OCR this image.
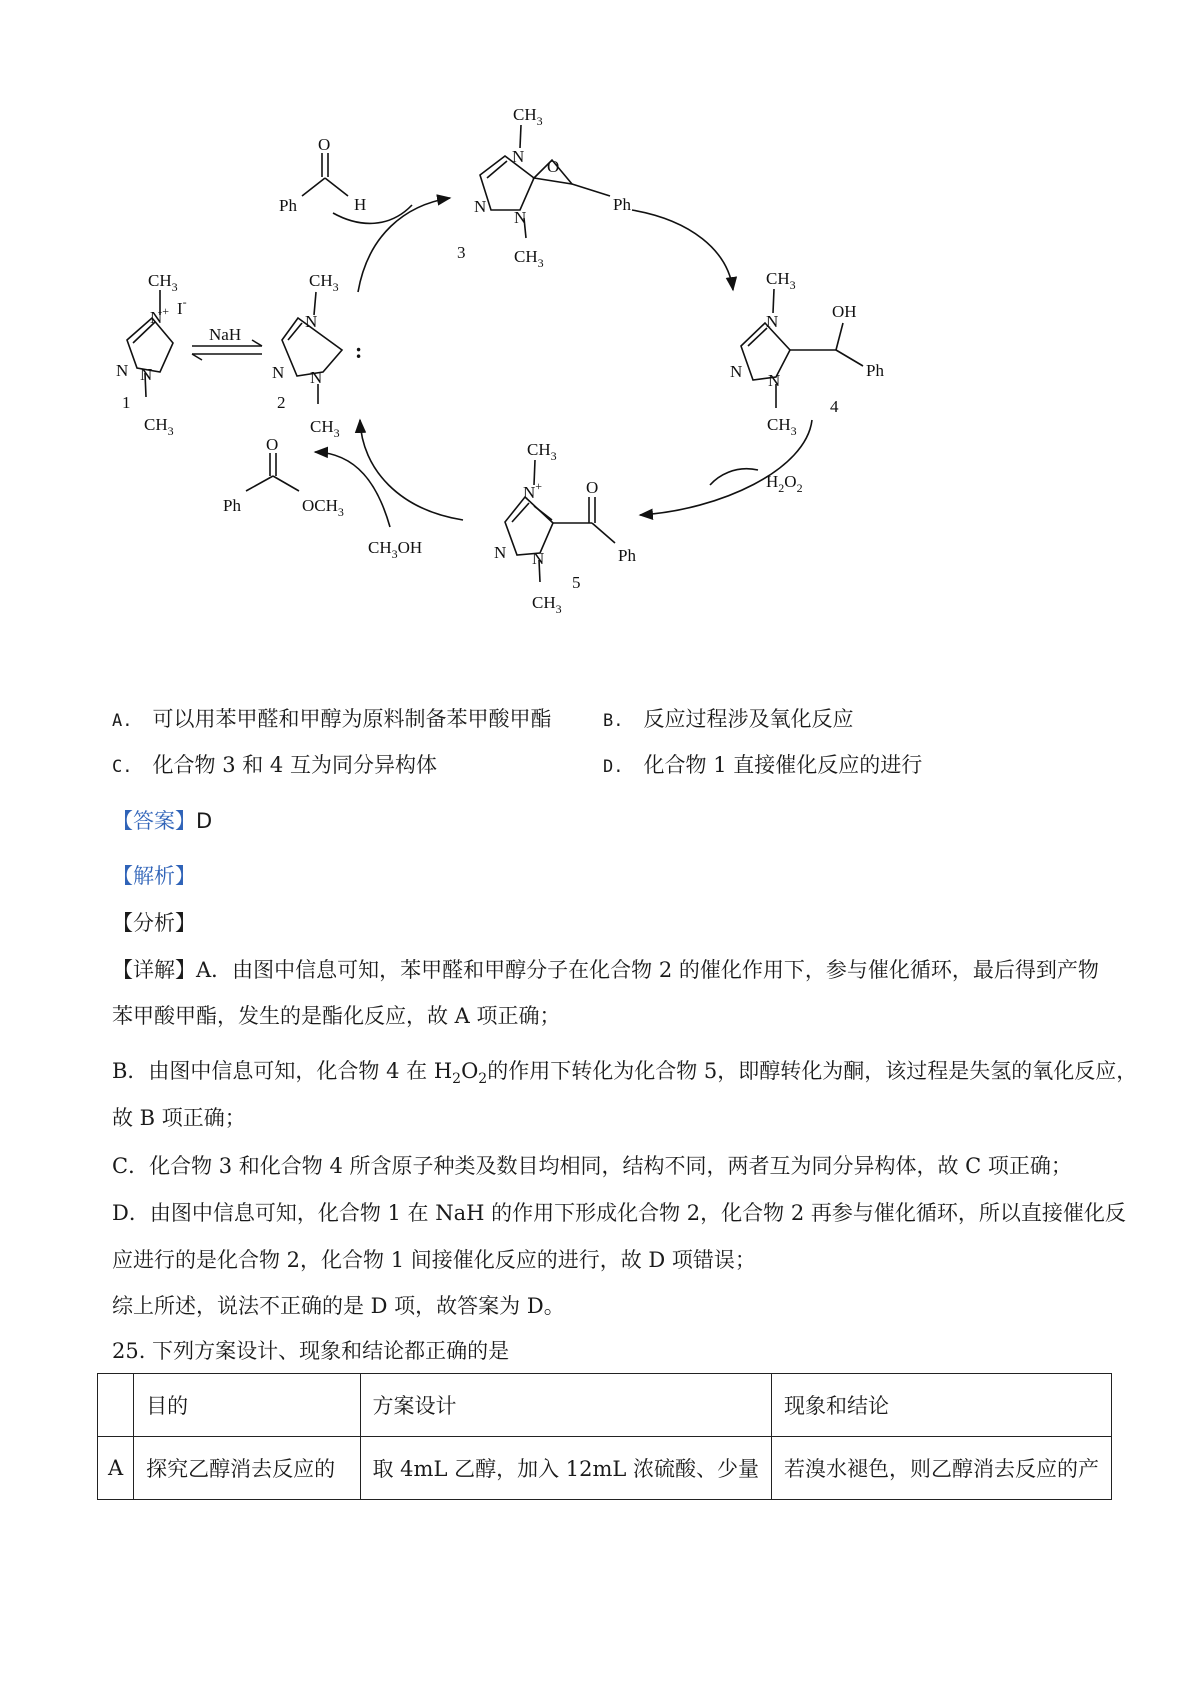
$CH_3$
N+ I-
N N
1
$CH_3$
NaH
$CH_3$
N
N N
:
2
$CH_3$
O
Ph	H
$CH_3$
N
O
N
N
Ph
3	$CH_3$
$CH_3$
N
OH
N N
Ph
4
$CH_3$
$CH_3$
N+	O
N N	Ph
5
$CH_3$
O
Ph	$OCH_3$
$CH_3OH$
$H_2O_2$
A. 可以用苯甲醛和甲醇为原料制备苯甲酸甲酯	B. 反应过程涉及氧化反应
C. 化合物 3 和 4 互为同分异构体	D. 化合物 1 直接催化反应的进行
【答案】D
【解析】
【分析】
【详解】A．由图中信息可知，苯甲醛和甲醇分子在化合物 2 的催化作用下，参与催化循环，最后得到产物
苯甲酸甲酯，发生的是酯化反应，故 A 项正确；
B．由图中信息可知，化合物 4 在 $H_2O_2$的作用下转化为化合物 5，即醇转化为酮，该过程是失氢的氧化反应，
故 B 项正确；
C．化合物 3 和化合物 4 所含原子种类及数目均相同，结构不同，两者互为同分异构体，故 C 项正确；
D．由图中信息可知，化合物 1 在 NaH 的作用下形成化合物 2，化合物 2 再参与催化循环，所以直接催化反
应进行的是化合物 2，化合物 1 间接催化反应的进行，故 D 项错误；
综上所述，说法不正确的是 D 项，故答案为 D。
25. 下列方案设计、现象和结论都正确的是
	目的	方案设计	现象和结论
A	探究乙醇消去反应的	取 4mL 乙醇，加入 12mL 浓硫酸、少量	若溴水褪色，则乙醇消去反应的产
